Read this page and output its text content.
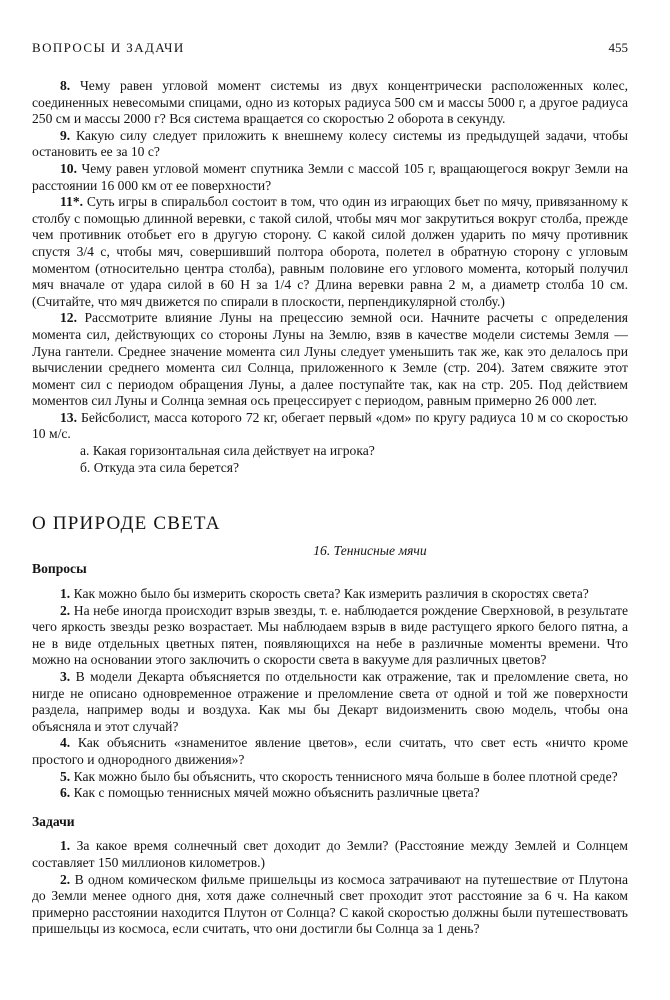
ВОПРОСЫ И ЗАДАЧИ	455

8. Чему равен угловой момент системы из двух концентрически расположенных колес, соединенных невесомыми спицами, одно из которых радиуса 500 см и массы 5000 г, а другое радиуса 250 см и массы 2000 г? Вся система вращается со скоростью 2 оборота в секунду.

9. Какую силу следует приложить к внешнему колесу системы из предыдущей задачи, чтобы остановить ее за 10 с?

10. Чему равен угловой момент спутника Земли с массой 105 г, вращающегося вокруг Земли на расстоянии 16 000 км от ее поверхности?

11*. Суть игры в спиральбол состоит в том, что один из играющих бьет по мячу, привязанному к столбу с помощью длинной веревки, с такой силой, чтобы мяч мог закрутиться вокруг столба, прежде чем противник отобьет его в другую сторону. С какой силой должен ударить по мячу противник спустя 3/4 с, чтобы мяч, совершивший полтора оборота, полетел в обратную сторону с угловым моментом (относительно центра столба), равным половине его углового момента, который получил мяч вначале от удара силой в 60 Н за 1/4 с? Длина веревки равна 2 м, а диаметр столба 10 см. (Считайте, что мяч движется по спирали в плоскости, перпендикулярной столбу.)

12. Рассмотрите влияние Луны на прецессию земной оси. Начните расчеты с определения момента сил, действующих со стороны Луны на Землю, взяв в качестве модели системы Земля — Луна гантели. Среднее значение момента сил Луны следует уменьшить так же, как это делалось при вычислении среднего момента сил Солнца, приложенного к Земле (стр. 204). Затем свяжите этот момент сил с периодом обращения Луны, а далее поступайте так, как на стр. 205. Под действием моментов сил Луны и Солнца земная ось прецессирует с периодом, равным примерно 26 000 лет.

13. Бейсболист, масса которого 72 кг, обегает первый «дом» по кругу радиуса 10 м со скоростью 10 м/с.

а. Какая горизонтальная сила действует на игрока?

б. Откуда эта сила берется?

О ПРИРОДЕ СВЕТА

16. Теннисные мячи

Вопросы

1. Как можно было бы измерить скорость света? Как измерить различия в скоростях света?

2. На небе иногда происходит взрыв звезды, т. е. наблюдается рождение Сверхновой, в результате чего яркость звезды резко возрастает. Мы наблюдаем взрыв в виде растущего яркого белого пятна, а не в виде отдельных цветных пятен, появляющихся на небе в различные моменты времени. Что можно на основании этого заключить о скорости света в вакууме для различных цветов?

3. В модели Декарта объясняется по отдельности как отражение, так и преломление света, но нигде не описано одновременное отражение и преломление света от одной и той же поверхности раздела, например воды и воздуха. Как мы бы Декарт видоизменить свою модель, чтобы она объясняла и этот случай?

4. Как объяснить «знаменитое явление цветов», если считать, что свет есть «ничто кроме простого и однородного движения»?

5. Как можно было бы объяснить, что скорость теннисного мяча больше в более плотной среде?

6. Как с помощью теннисных мячей можно объяснить различные цвета?

Задачи

1. За какое время солнечный свет доходит до Земли? (Расстояние между Землей и Солнцем составляет 150 миллионов километров.)

2. В одном комическом фильме пришельцы из космоса затрачивают на путешествие от Плутона до Земли менее одного дня, хотя даже солнечный свет проходит этот расстояние за 6 ч. На каком примерно расстоянии находится Плутон от Солнца? С какой скоростью должны были путешествовать пришельцы из космоса, если считать, что они достигли бы Солнца за 1 день?
